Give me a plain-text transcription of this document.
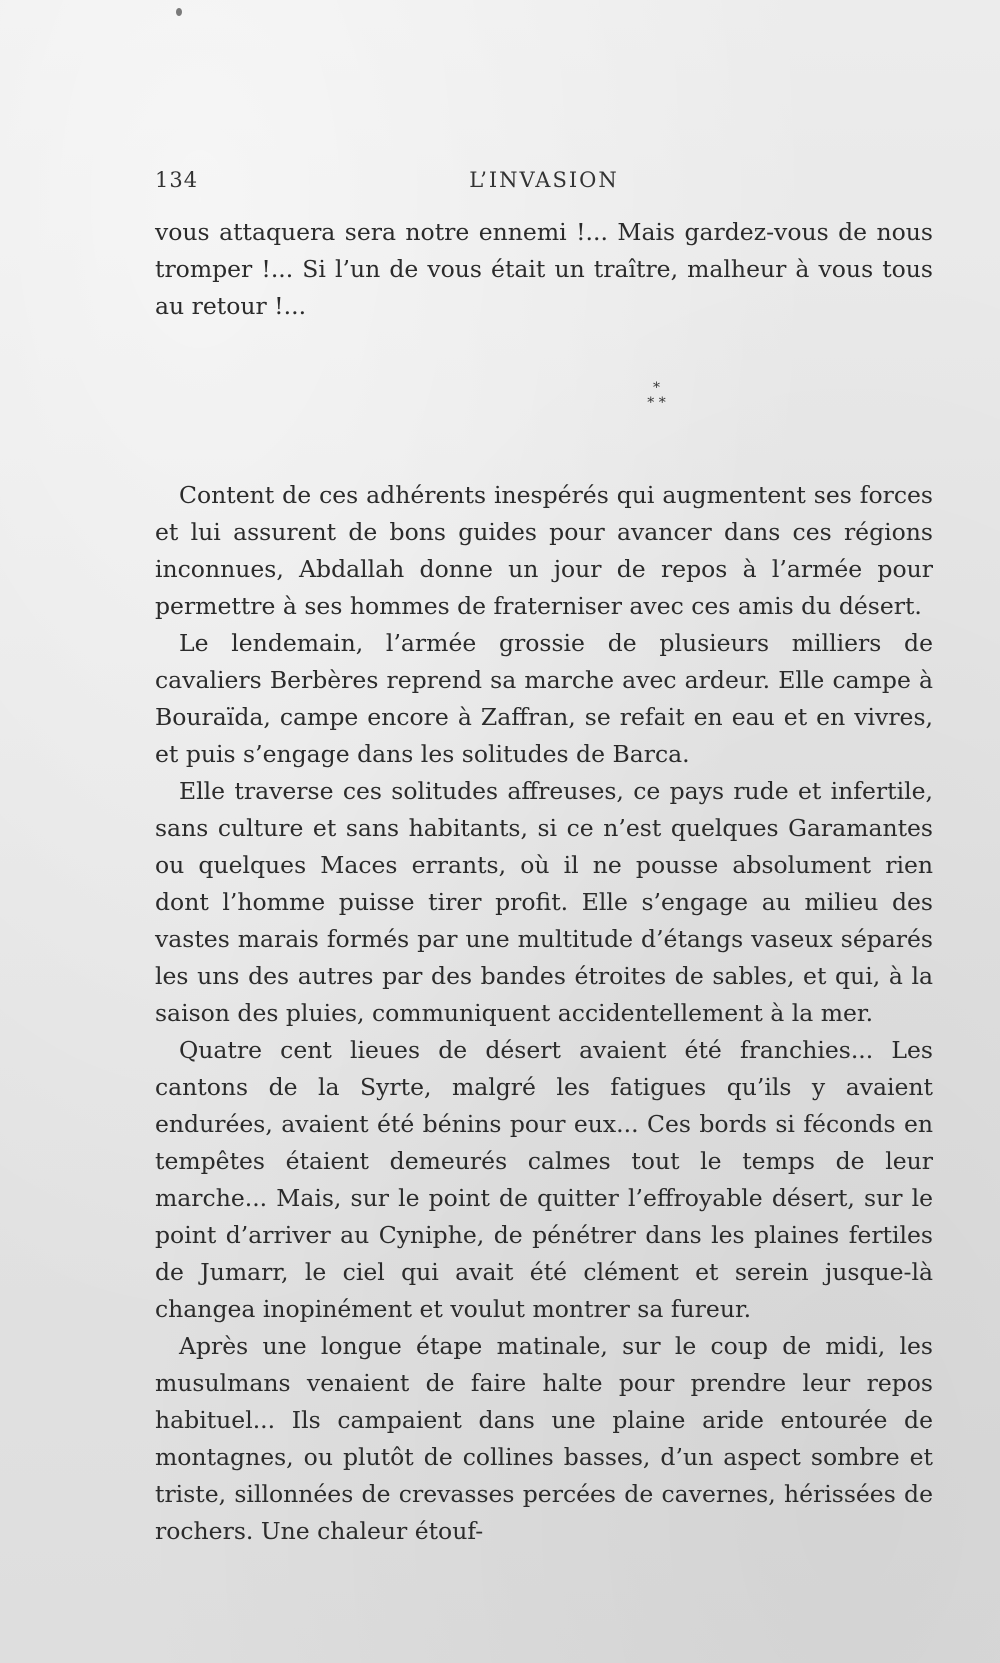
134	L’INVASION

vous attaquera sera notre ennemi !... Mais gardez-vous de nous tromper !... Si l’un de vous était un traître, malheur à vous tous au retour !...

*
* *

Content de ces adhérents inespérés qui augmentent ses forces et lui assurent de bons guides pour avancer dans ces régions inconnues, Abdallah donne un jour de repos à l’armée pour permettre à ses hommes de fraterniser avec ces amis du désert.

Le lendemain, l’armée grossie de plusieurs milliers de cavaliers Berbères reprend sa marche avec ardeur. Elle campe à Bouraïda, campe encore à Zaffran, se refait en eau et en vivres, et puis s’engage dans les solitudes de Barca.

Elle traverse ces solitudes affreuses, ce pays rude et infertile, sans culture et sans habitants, si ce n’est quelques Garamantes ou quelques Maces errants, où il ne pousse absolument rien dont l’homme puisse tirer profit. Elle s’engage au milieu des vastes marais formés par une multitude d’étangs vaseux séparés les uns des autres par des bandes étroites de sables, et qui, à la saison des pluies, communiquent accidentellement à la mer.

Quatre cent lieues de désert avaient été franchies... Les cantons de la Syrte, malgré les fatigues qu’ils y avaient endurées, avaient été bénins pour eux... Ces bords si féconds en tempêtes étaient demeurés calmes tout le temps de leur marche... Mais, sur le point de quitter l’effroyable désert, sur le point d’arriver au Cyniphe, de pénétrer dans les plaines fertiles de Jumarr, le ciel qui avait été clément et serein jusque-là changea inopinément et voulut montrer sa fureur.

Après une longue étape matinale, sur le coup de midi, les musulmans venaient de faire halte pour prendre leur repos habituel... Ils campaient dans une plaine aride entourée de montagnes, ou plutôt de collines basses, d’un aspect sombre et triste, sillonnées de crevasses percées de cavernes, hérissées de rochers. Une chaleur étouf-
